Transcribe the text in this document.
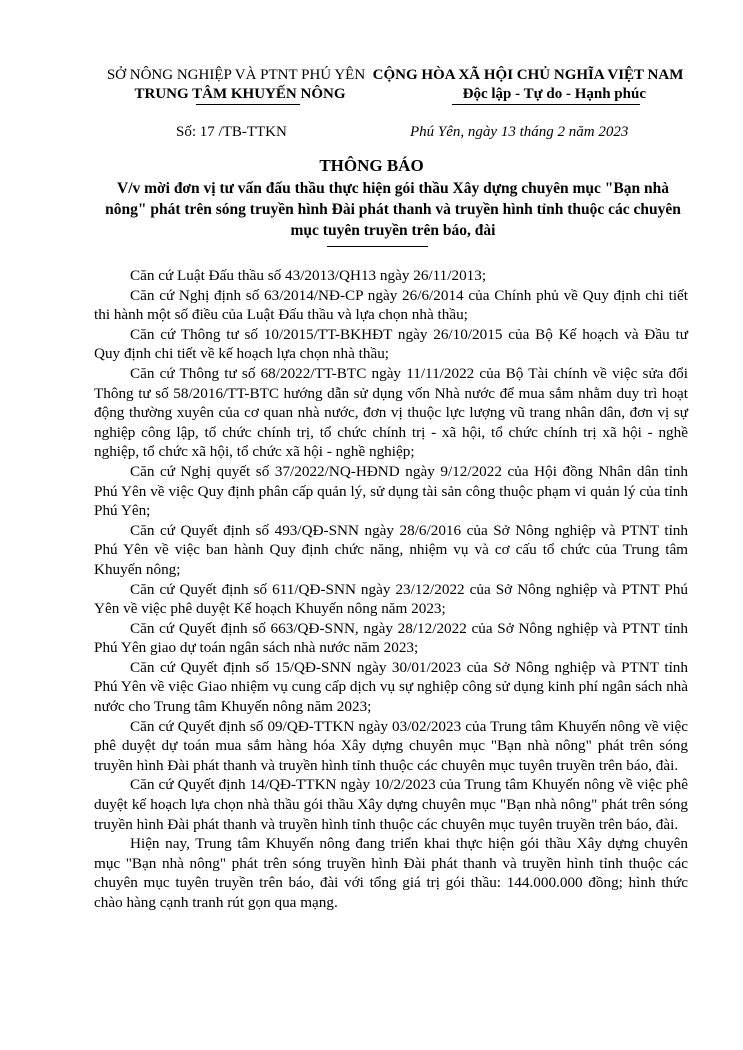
SỞ NÔNG NGHIỆP VÀ PTNT PHÚ YÊN
TRUNG TÂM KHUYẾN NÔNG
CỘNG HÒA XÃ HỘI CHỦ NGHĨA VIỆT NAM
Độc lập - Tự do - Hạnh phúc
Số: 17 /TB-TTKN	Phú Yên, ngày 13 tháng 2 năm 2023
THÔNG BÁO
V/v mời đơn vị tư vấn đấu thầu thực hiện gói thầu Xây dựng chuyên mục "Bạn nhà nông" phát trên sóng truyền hình Đài phát thanh và truyền hình tỉnh thuộc các chuyên mục tuyên truyền trên báo, đài

Căn cứ Luật Đấu thầu số 43/2013/QH13 ngày 26/11/2013;

Căn cứ Nghị định số 63/2014/NĐ-CP ngày 26/6/2014 của Chính phủ về Quy định chi tiết thi hành một số điều của Luật Đấu thầu và lựa chọn nhà thầu;

Căn cứ Thông tư số 10/2015/TT-BKHĐT ngày 26/10/2015 của Bộ Kế hoạch và Đầu tư Quy định chi tiết về kế hoạch lựa chọn nhà thầu;

Căn cứ Thông tư số 68/2022/TT-BTC ngày 11/11/2022 của Bộ Tài chính về việc sửa đổi Thông tư số 58/2016/TT-BTC hướng dẫn sử dụng vốn Nhà nước để mua sắm nhằm duy trì hoạt động thường xuyên của cơ quan nhà nước, đơn vị thuộc lực lượng vũ trang nhân dân, đơn vị sự nghiệp công lập, tổ chức chính trị, tổ chức chính trị - xã hội, tổ chức chính trị xã hội - nghề nghiệp, tổ chức xã hội, tổ chức xã hội - nghề nghiệp;

Căn cứ Nghị quyết số 37/2022/NQ-HĐND ngày 9/12/2022 của Hội đồng Nhân dân tỉnh Phú Yên về việc Quy định phân cấp quản lý, sử dụng tài sản công thuộc phạm vi quản lý của tỉnh Phú Yên;

Căn cứ Quyết định số 493/QĐ-SNN ngày 28/6/2016 của Sở Nông nghiệp và PTNT tỉnh Phú Yên về việc ban hành Quy định chức năng, nhiệm vụ và cơ cấu tổ chức của Trung tâm Khuyến nông;

Căn cứ Quyết định số 611/QĐ-SNN ngày 23/12/2022 của Sở Nông nghiệp và PTNT Phú Yên về việc phê duyệt Kế hoạch Khuyến nông năm 2023;

Căn cứ Quyết định số 663/QĐ-SNN, ngày 28/12/2022 của Sở Nông nghiệp và PTNT tỉnh Phú Yên giao dự toán ngân sách nhà nước năm 2023;

Căn cứ Quyết định số 15/QĐ-SNN ngày 30/01/2023 của Sở Nông nghiệp và PTNT tỉnh Phú Yên về việc Giao nhiệm vụ cung cấp dịch vụ sự nghiệp công sử dụng kinh phí ngân sách nhà nước cho Trung tâm Khuyến nông năm 2023;

Căn cứ Quyết định số 09/QĐ-TTKN ngày 03/02/2023 của Trung tâm Khuyến nông về việc phê duyệt dự toán mua sắm hàng hóa Xây dựng chuyên mục "Bạn nhà nông" phát trên sóng truyền hình Đài phát thanh và truyền hình tỉnh thuộc các chuyên mục tuyên truyền trên báo, đài.

Căn cứ Quyết định 14/QĐ-TTKN ngày 10/2/2023 của Trung tâm Khuyến nông về việc phê duyệt kế hoạch lựa chọn nhà thầu gói thầu Xây dựng chuyên mục "Bạn nhà nông" phát trên sóng truyền hình Đài phát thanh và truyền hình tỉnh thuộc các chuyên mục tuyên truyền trên báo, đài.

Hiện nay, Trung tâm Khuyến nông đang triển khai thực hiện gói thầu Xây dựng chuyên mục "Bạn nhà nông" phát trên sóng truyền hình Đài phát thanh và truyền hình tỉnh thuộc các chuyên mục tuyên truyền trên báo, đài với tổng giá trị gói thầu: 144.000.000 đồng; hình thức chào hàng cạnh tranh rút gọn qua mạng.
